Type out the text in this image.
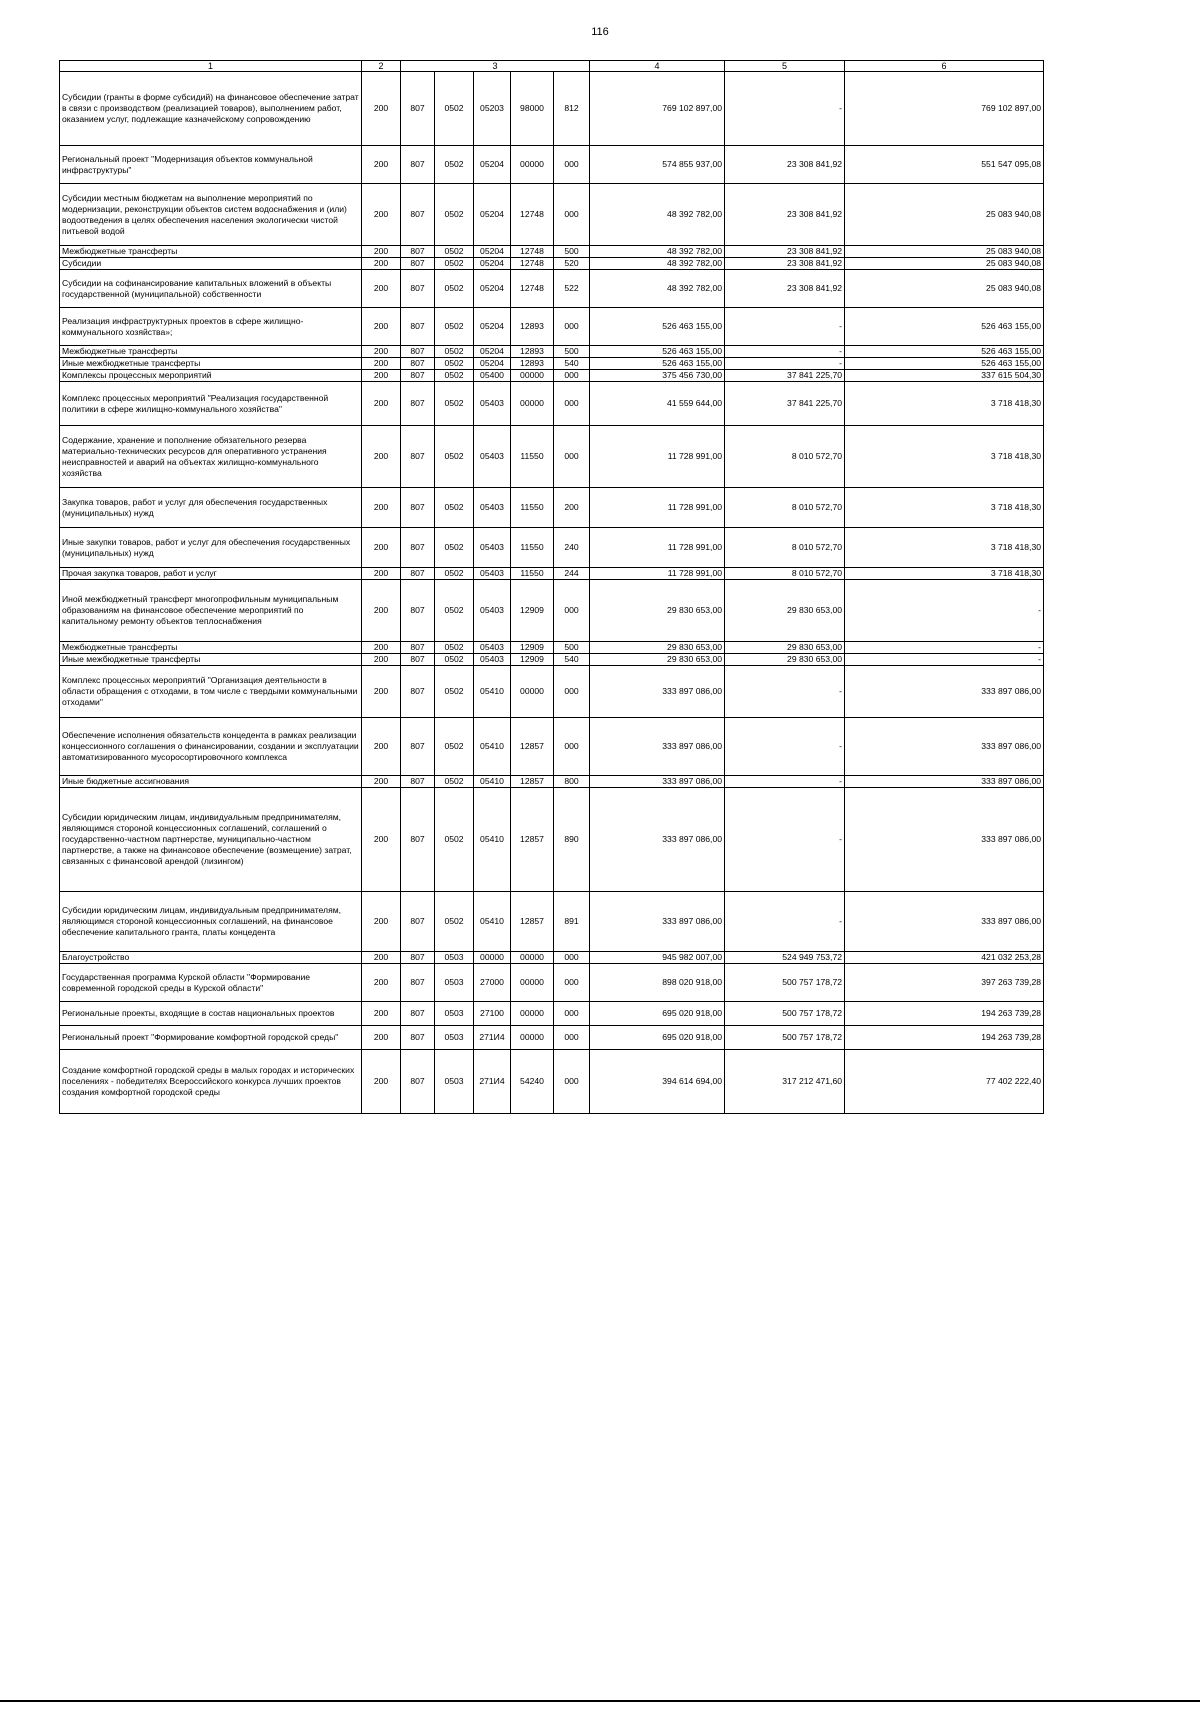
116
1	2	3					4	5	6
Субсидии (гранты в форме субсидий) на финансовое обеспечение затрат в связи с производством (реализацией товаров), выполнением работ, оказанием услуг, подлежащие казначейскому сопровождению	200	807	0502	05203	98000	812	769 102 897,00	-	769 102 897,00
Региональный проект "Модернизация объектов коммунальной инфраструктуры"	200	807	0502	05204	00000	000	574 855 937,00	23 308 841,92	551 547 095,08
Субсидии местным бюджетам на выполнение мероприятий по модернизации, реконструкции объектов систем водоснабжения и (или) водоотведения в целях обеспечения населения экологически чистой питьевой водой	200	807	0502	05204	12748	000	48 392 782,00	23 308 841,92	25 083 940,08
Межбюджетные трансферты	200	807	0502	05204	12748	500	48 392 782,00	23 308 841,92	25 083 940,08
Субсидии	200	807	0502	05204	12748	520	48 392 782,00	23 308 841,92	25 083 940,08
Субсидии на софинансирование капитальных вложений в объекты государственной (муниципальной) собственности	200	807	0502	05204	12748	522	48 392 782,00	23 308 841,92	25 083 940,08
Реализация инфраструктурных проектов в сфере жилищно-коммунального хозяйства»;	200	807	0502	05204	12893	000	526 463 155,00	-	526 463 155,00
Межбюджетные трансферты	200	807	0502	05204	12893	500	526 463 155,00	-	526 463 155,00
Иные межбюджетные трансферты	200	807	0502	05204	12893	540	526 463 155,00	-	526 463 155,00
Комплексы процессных мероприятий	200	807	0502	05400	00000	000	375 456 730,00	37 841 225,70	337 615 504,30
Комплекс процессных мероприятий "Реализация государственной политики в сфере жилищно-коммунального хозяйства"	200	807	0502	05403	00000	000	41 559 644,00	37 841 225,70	3 718 418,30
Содержание, хранение и пополнение обязательного резерва материально-технических ресурсов для оперативного устранения неисправностей и аварий на объектах жилищно-коммунального хозяйства	200	807	0502	05403	11550	000	11 728 991,00	8 010 572,70	3 718 418,30
Закупка товаров, работ и услуг для обеспечения государственных (муниципальных) нужд	200	807	0502	05403	11550	200	11 728 991,00	8 010 572,70	3 718 418,30
Иные закупки товаров, работ и услуг для обеспечения государственных (муниципальных) нужд	200	807	0502	05403	11550	240	11 728 991,00	8 010 572,70	3 718 418,30
Прочая закупка товаров, работ и услуг	200	807	0502	05403	11550	244	11 728 991,00	8 010 572,70	3 718 418,30
Иной межбюджетный трансферт многопрофильным муниципальным образованиям на финансовое обеспечение мероприятий по капитальному ремонту объектов теплоснабжения	200	807	0502	05403	12909	000	29 830 653,00	29 830 653,00	-
Межбюджетные трансферты	200	807	0502	05403	12909	500	29 830 653,00	29 830 653,00	-
Иные межбюджетные трансферты	200	807	0502	05403	12909	540	29 830 653,00	29 830 653,00	-
Комплекс процессных мероприятий "Организация деятельности в области обращения с отходами, в том числе с твердыми коммунальными отходами"	200	807	0502	05410	00000	000	333 897 086,00	-	333 897 086,00
Обеспечение исполнения обязательств концедента в рамках реализации концессионного соглашения о финансировании, создании и эксплуатации автоматизированного мусоросортировочного комплекса	200	807	0502	05410	12857	000	333 897 086,00	-	333 897 086,00
Иные бюджетные ассигнования	200	807	0502	05410	12857	800	333 897 086,00	-	333 897 086,00
Субсидии юридическим лицам, индивидуальным предпринимателям, являющимся стороной концессионных соглашений, соглашений о государственно-частном партнерстве, муниципально-частном партнерстве, а также на финансовое обеспечение (возмещение) затрат, связанных с финансовой арендой (лизингом)	200	807	0502	05410	12857	890	333 897 086,00	-	333 897 086,00
Субсидии юридическим лицам, индивидуальным предпринимателям, являющимся стороной концессионных соглашений, на финансовое обеспечение капитального гранта, платы концедента	200	807	0502	05410	12857	891	333 897 086,00	-	333 897 086,00
Благоустройство	200	807	0503	00000	00000	000	945 982 007,00	524 949 753,72	421 032 253,28
Государственная программа Курской области "Формирование современной городской среды в Курской области"	200	807	0503	27000	00000	000	898 020 918,00	500 757 178,72	397 263 739,28
Региональные проекты, входящие в состав национальных проектов	200	807	0503	27100	00000	000	695 020 918,00	500 757 178,72	194 263 739,28
Региональный проект "Формирование комфортной городской среды"	200	807	0503	271И4	00000	000	695 020 918,00	500 757 178,72	194 263 739,28
Создание комфортной городской среды в малых городах и исторических поселениях - победителях Всероссийского конкурса лучших проектов создания комфортной городской среды	200	807	0503	271И4	54240	000	394 614 694,00	317 212 471,60	77 402 222,40
